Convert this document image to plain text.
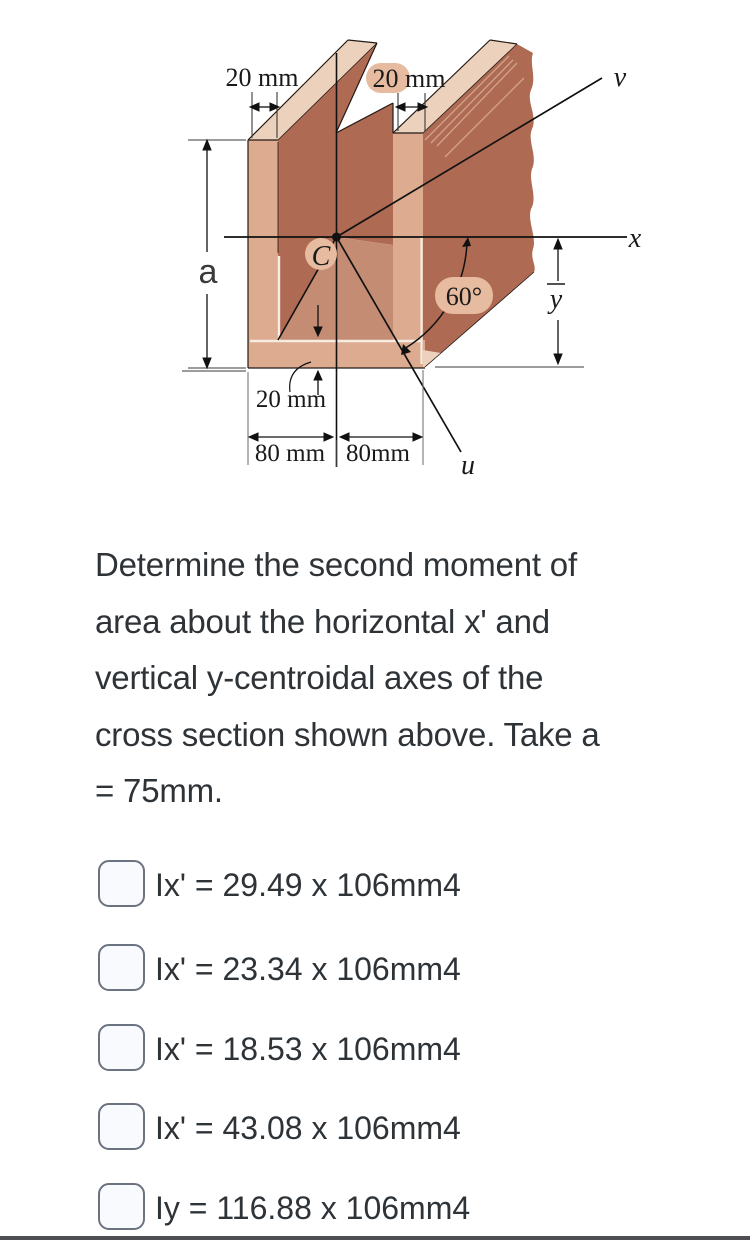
20 mm	20 mm
a
60°
C
20 mm
80 mm 80mm
x
v
u
y
Determine the second moment of
area about the horizontal x' and
vertical y-centroidal axes of the
cross section shown above. Take a
= 75mm.
Ix' = 29.49 x 106mm4
Ix' = 23.34 x 106mm4
Ix' = 18.53 x 106mm4
Ix' = 43.08 x 106mm4
Iy = 116.88 x 106mm4
